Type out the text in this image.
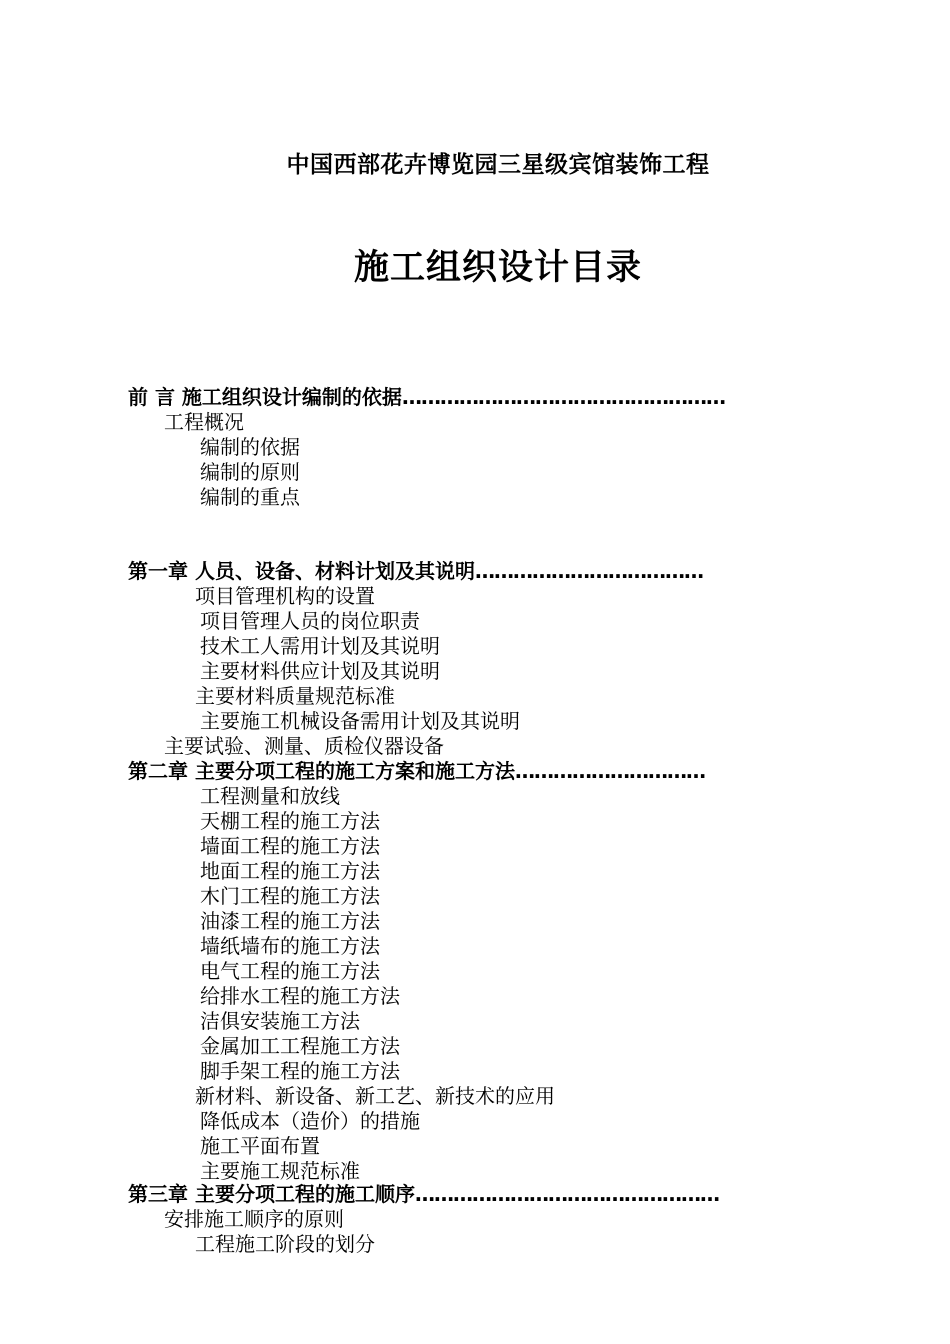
中国西部花卉博览园三星级宾馆装饰工程
施工组织设计目录
前 言 施工组织设计编制的依据……………………………………………
工程概况
编制的依据
编制的原则
编制的重点
第一章 人员、设备、材料计划及其说明………………………………
项目管理机构的设置
项目管理人员的岗位职责
技术工人需用计划及其说明
主要材料供应计划及其说明
主要材料质量规范标准
主要施工机械设备需用计划及其说明
主要试验、测量、质检仪器设备
第二章 主要分项工程的施工方案和施工方法…………………………
工程测量和放线
天棚工程的施工方法
墙面工程的施工方法
地面工程的施工方法
木门工程的施工方法
油漆工程的施工方法
墙纸墙布的施工方法
电气工程的施工方法
给排水工程的施工方法
洁俱安装施工方法
金属加工工程施工方法
脚手架工程的施工方法
新材料、新设备、新工艺、新技术的应用
降低成本（造价）的措施
施工平面布置
主要施工规范标准
第三章 主要分项工程的施工顺序…………………………………………
安排施工顺序的原则
工程施工阶段的划分
